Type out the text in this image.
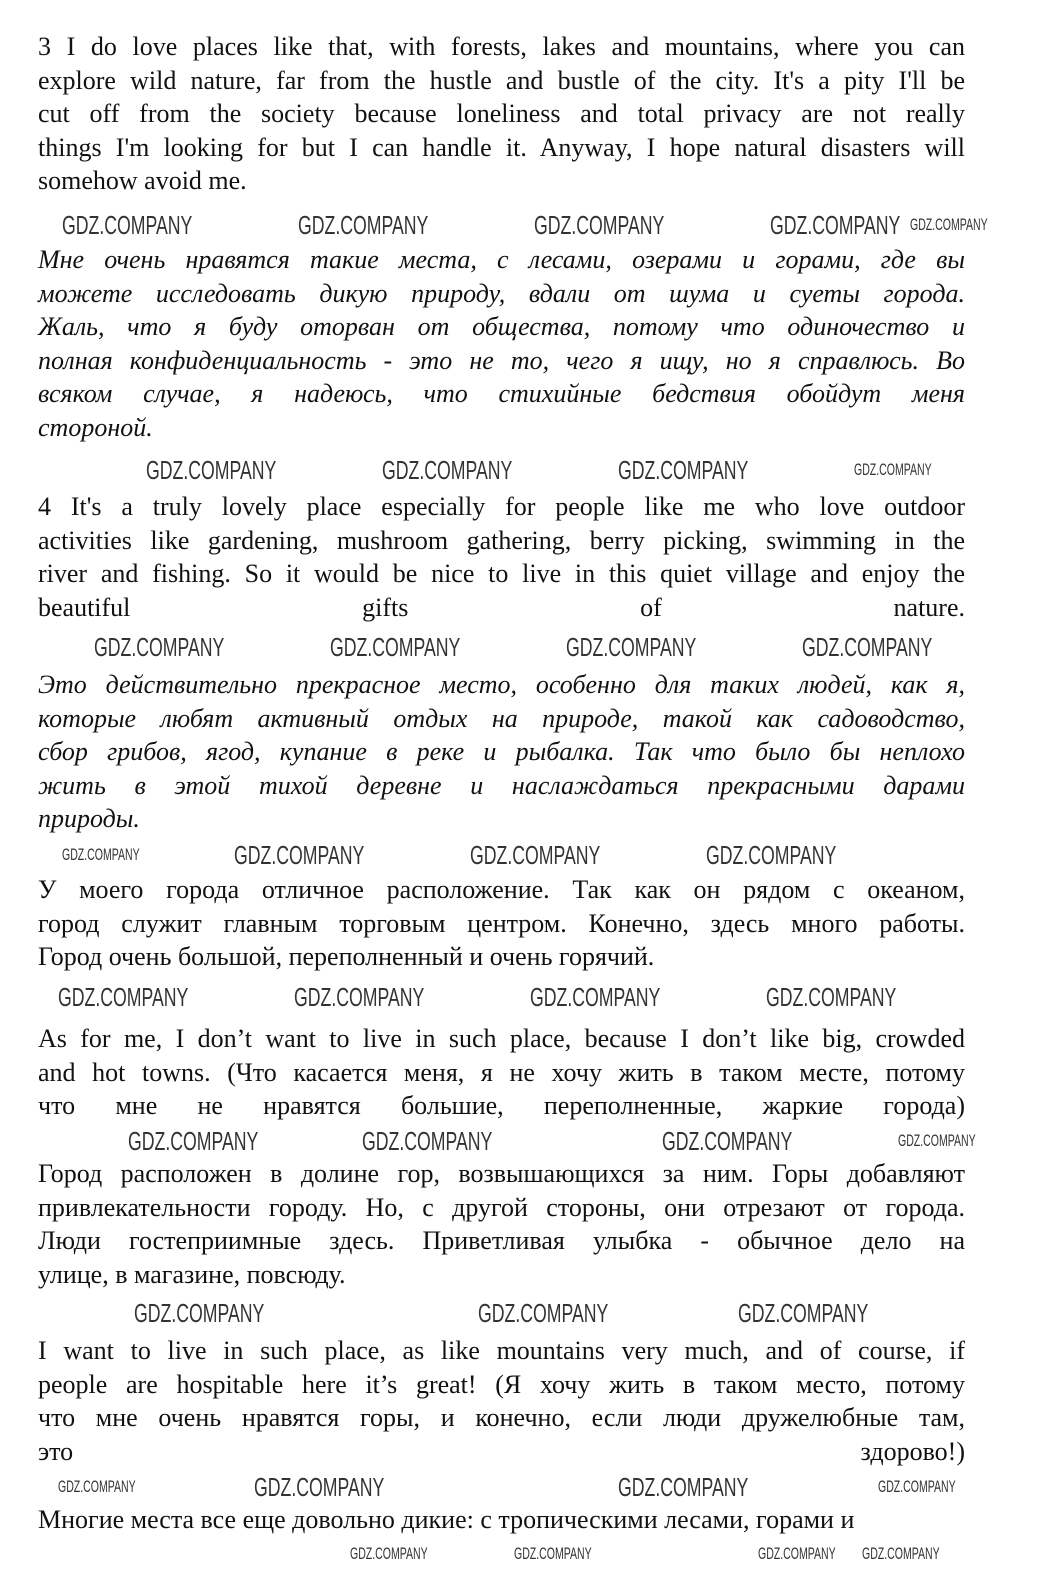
3 I do love places like that, with forests, lakes and mountains, where you can
explore wild nature, far from the hustle and bustle of the city. It's a pity I'll be
cut off from the society because loneliness and total privacy are not really
things I'm looking for but I can handle it. Anyway, I hope natural disasters will
somehow avoid me.
Мне очень нравятся такие места, с лесами, озерами и горами, где вы
можете исследовать дикую природу, вдали от шума и суеты города.
Жаль, что я буду оторван от общества, потому что одиночество и
полная конфиденциальность - это не то, чего я ищу, но я справлюсь. Во
всяком случае, я надеюсь, что стихийные бедствия обойдут меня
стороной.
4 It's a truly lovely place especially for people like me who love outdoor
activities like gardening, mushroom gathering, berry picking, swimming in the
river and fishing. So it would be nice to live in this quiet village and enjoy the
beautiful gifts of nature.
Это действительно прекрасное место, особенно для таких людей, как я,
которые любят активный отдых на природе, такой как садоводство,
сбор грибов, ягод, купание в реке и рыбалка. Так что было бы неплохо
жить в этой тихой деревне и наслаждаться прекрасными дарами
природы.
У моего города отличное расположение. Так как он рядом с океаном,
город служит главным торговым центром. Конечно, здесь много работы.
Город очень большой, переполненный и очень горячий.
As for me, I don’t want to live in such place, because I don’t like big, crowded
and hot towns. (Что касается меня, я не хочу жить в таком месте, потому
что мне не нравятся большие, переполненные, жаркие города)
Город расположен в долине гор, возвышающихся за ним. Горы добавляют
привлекательности городу. Но, с другой стороны, они отрезают от города.
Люди гостеприимные здесь. Приветливая улыбка - обычное дело на
улице, в магазине, повсюду.
I want to live in such place, as like mountains very much, and of course, if
people are hospitable here it’s great! (Я хочу жить в таком место, потому
что мне очень нравятся горы, и конечно, если люди дружелюбные там,
это здорово!)
Многие места все еще довольно дикие: с тропическими лесами, горами и
GDZ.COMPANY	GDZ.COMPANY	GDZ.COMPANY	GDZ.COMPANY
GDZ.COMPANY	GDZ.COMPANY	GDZ.COMPANY
GDZ.COMPANY	GDZ.COMPANY	GDZ.COMPANY	GDZ.COMPANY
GDZ.COMPANY	GDZ.COMPANY	GDZ.COMPANY
GDZ.COMPANY	GDZ.COMPANY	GDZ.COMPANY	GDZ.COMPANY
GDZ.COMPANY	GDZ.COMPANY	GDZ.COMPANY
GDZ.COMPANY	GDZ.COMPANY	GDZ.COMPANY
GDZ.COMPANY	GDZ.COMPANY
GDZ.COMPANY
GDZ.COMPANY
GDZ.COMPANY
GDZ.COMPANY
GDZ.COMPANY	GDZ.COMPANY
GDZ.COMPANY	GDZ.COMPANY	GDZ.COMPANY GDZ.COMPANY
